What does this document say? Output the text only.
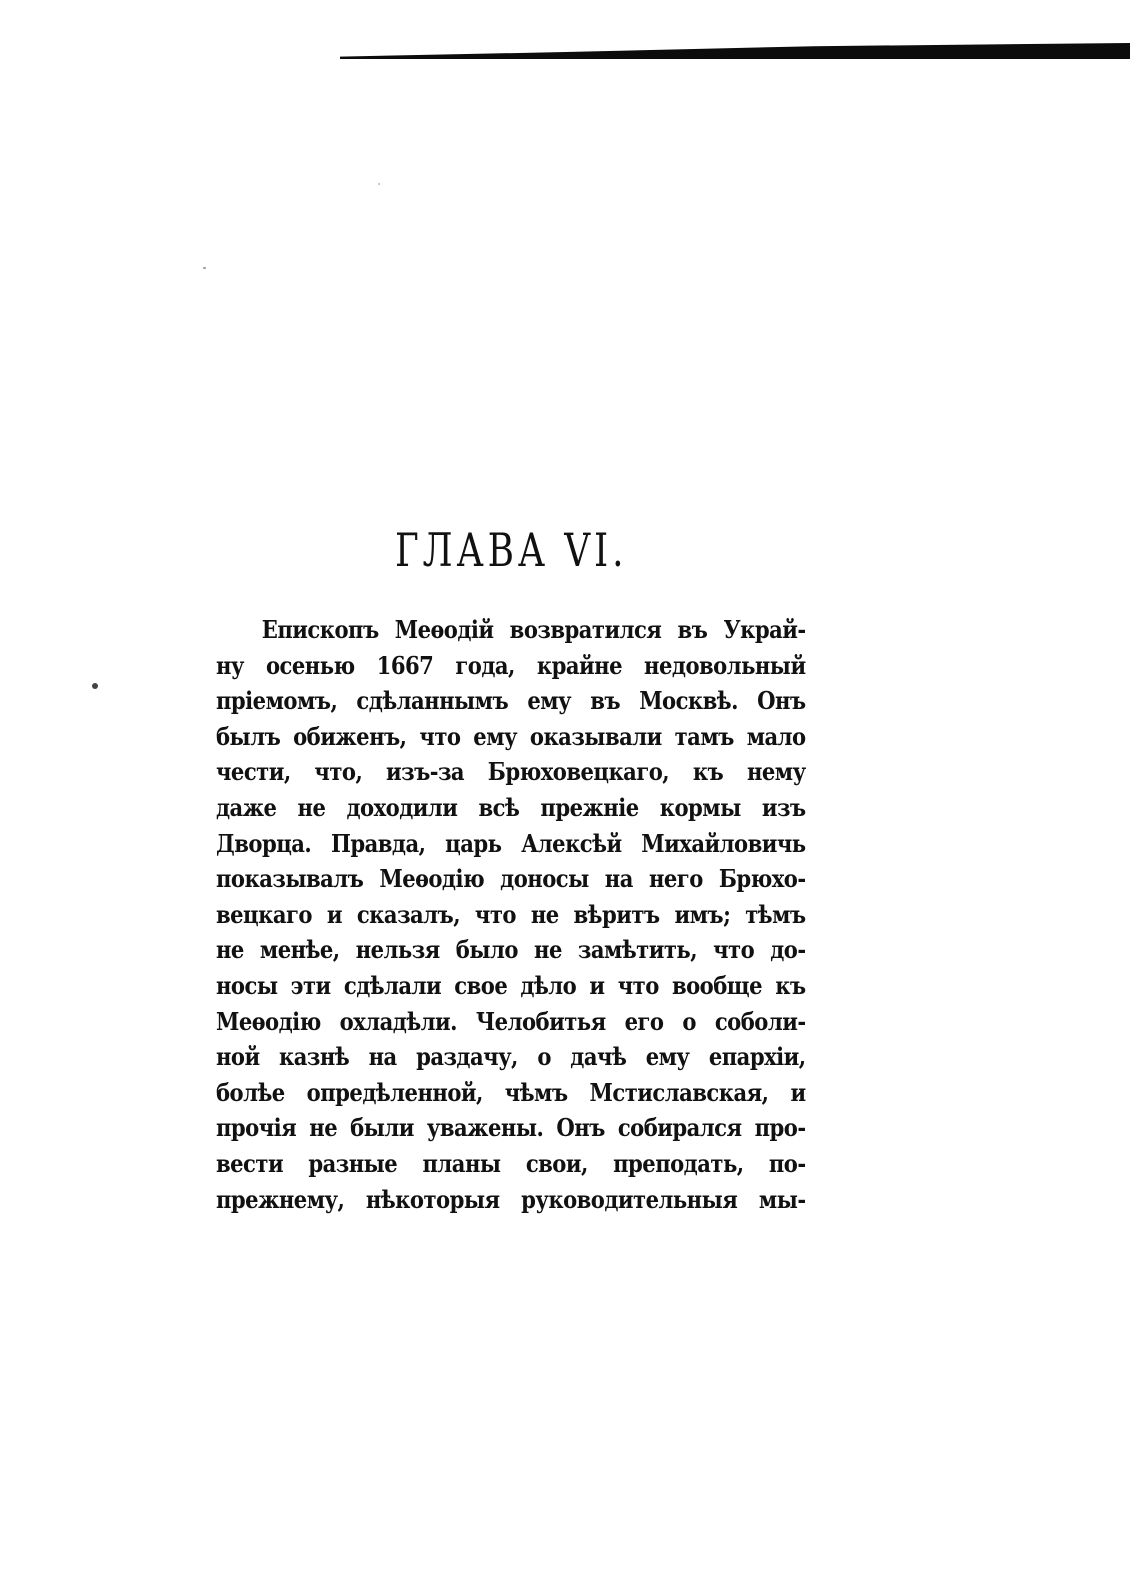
ГЛАВА VI.
Епископъ Меѳодій возвратился въ Украй-
ну осенью 1667 года, крайне недовольный
пріемомъ, сдѣланнымъ ему въ Москвѣ. Онъ
былъ обиженъ, что ему оказывали тамъ мало
чести, что, изъ-за Брюховецкаго, къ нему
даже не доходили всѣ прежніе кормы изъ
Дворца. Правда, царь Алексѣй Михайловичь
показывалъ Меѳодію доносы на него Брюхо-
вецкаго и сказалъ, что не вѣритъ имъ; тѣмъ
не менѣе, нельзя было не замѣтить, что до-
носы эти сдѣлали свое дѣло и что вообще къ
Меѳодію охладѣли. Челобитья его о соболи-
ной казнѣ на раздачу, о дачѣ ему епархіи,
болѣе опредѣленной, чѣмъ Мстиславская, и
прочія не были уважены. Онъ собирался про-
вести разные планы свои, преподать, по-
прежнему, нѣкоторыя руководительныя мы-
